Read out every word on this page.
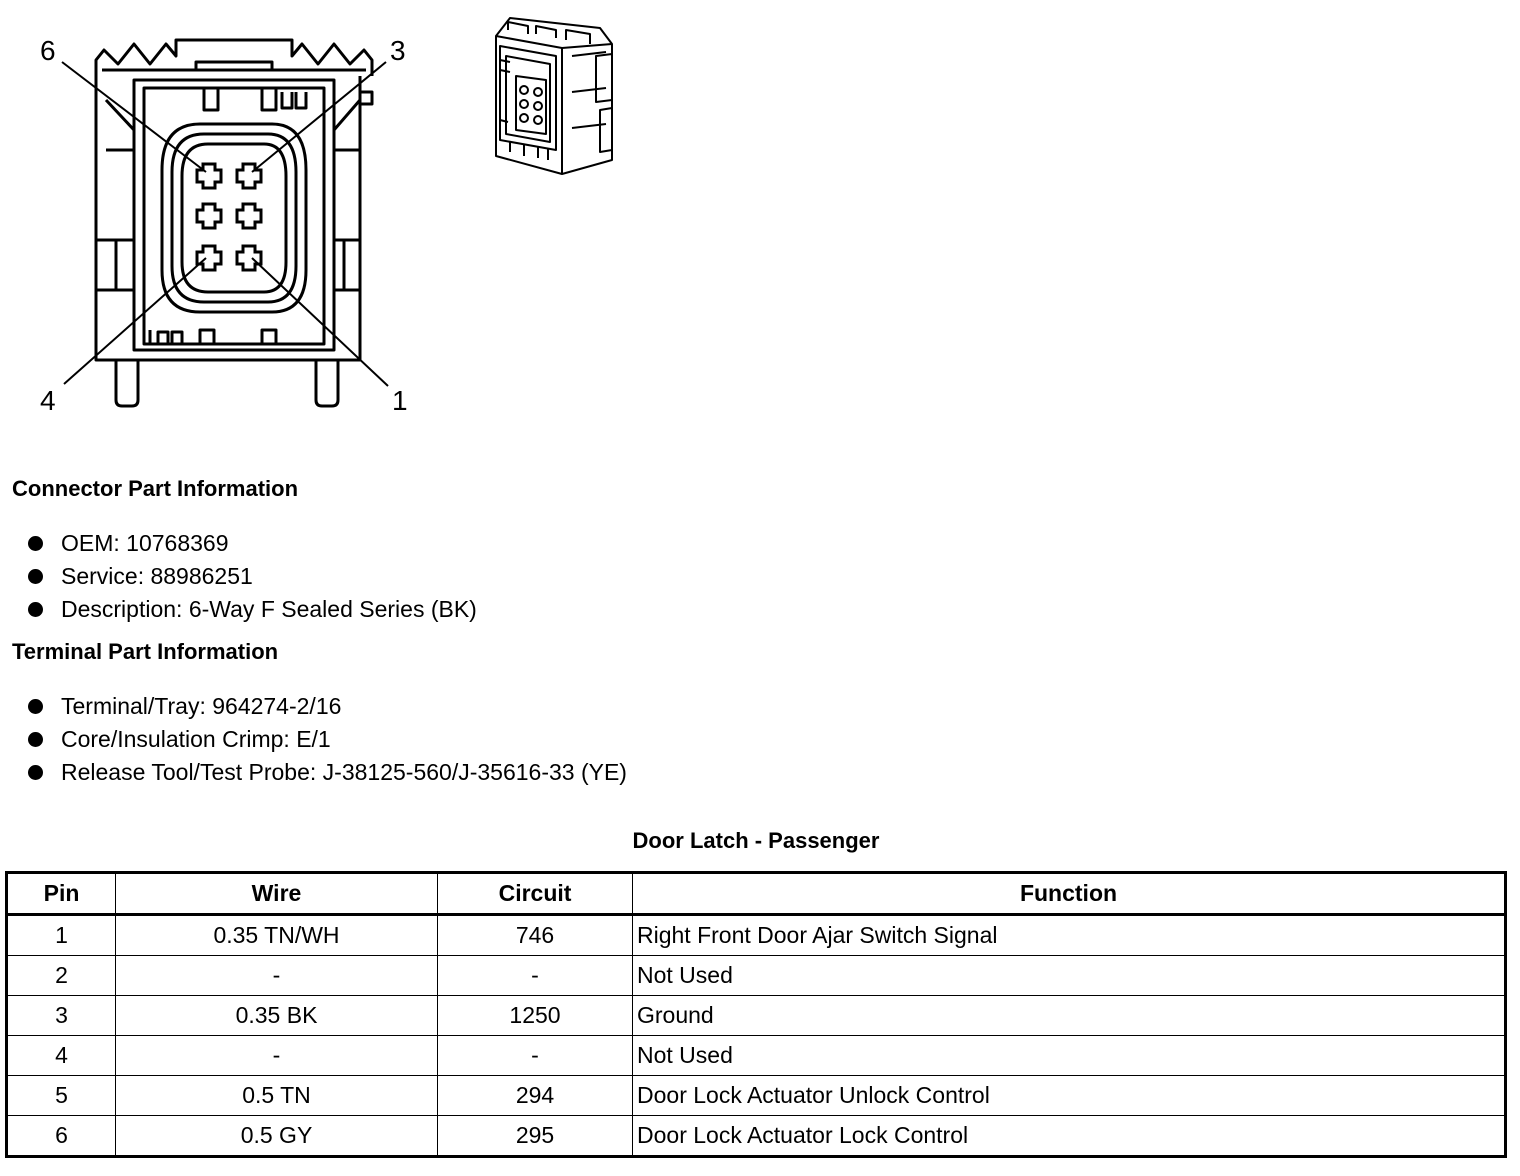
6	3
4	1
Connector Part Information
OEM: 10768369
Service: 88986251
Description: 6-Way F Sealed Series (BK)
Terminal Part Information
Terminal/Tray: 964274-2/16
Core/Insulation Crimp: E/1
Release Tool/Test Probe: J-38125-560/J-35616-33 (YE)
Door Latch - Passenger
Pin	Wire	Circuit	Function
1	0.35 TN/WH	746	Right Front Door Ajar Switch Signal
2	-	-	Not Used
3	0.35 BK	1250	Ground
4	-	-	Not Used
5	0.5 TN	294	Door Lock Actuator Unlock Control
6	0.5 GY	295	Door Lock Actuator Lock Control
